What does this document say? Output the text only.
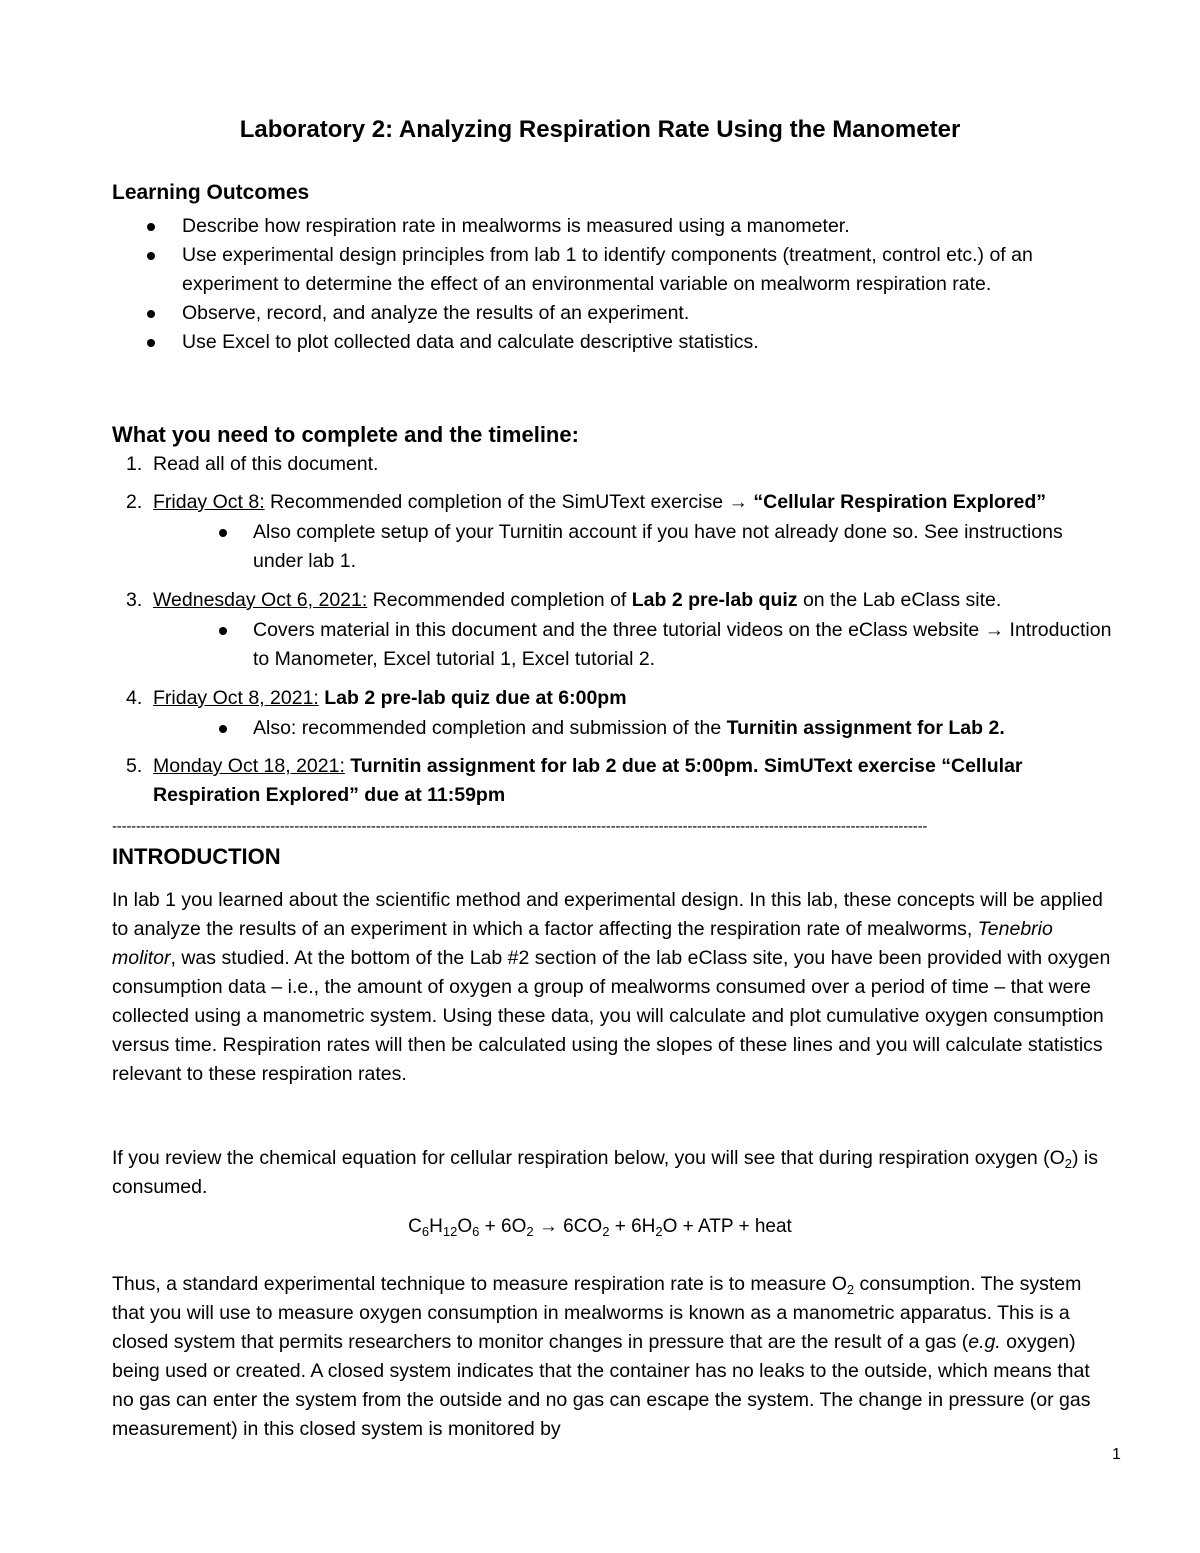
Laboratory 2: Analyzing Respiration Rate Using the Manometer
Learning Outcomes
Describe how respiration rate in mealworms is measured using a manometer.
Use experimental design principles from lab 1 to identify components (treatment, control etc.) of an experiment to determine the effect of an environmental variable on mealworm respiration rate.
Observe, record, and analyze the results of an experiment.
Use Excel to plot collected data and calculate descriptive statistics.
What you need to complete and the timeline:
1. Read all of this document.
2. Friday Oct 8: Recommended completion of the SimUText exercise → “Cellular Respiration Explored”
Also complete setup of your Turnitin account if you have not already done so. See instructions under lab 1.
3. Wednesday Oct 6, 2021: Recommended completion of Lab 2 pre-lab quiz on the Lab eClass site.
Covers material in this document and the three tutorial videos on the eClass website → Introduction to Manometer, Excel tutorial 1, Excel tutorial 2.
4. Friday Oct 8, 2021: Lab 2 pre-lab quiz due at 6:00pm
Also: recommended completion and submission of the Turnitin assignment for Lab 2.
5. Monday Oct 18, 2021: Turnitin assignment for lab 2 due at 5:00pm. SimUText exercise “Cellular Respiration Explored” due at 11:59pm
--------------------------------------------------------------------------------------------------------------------------------------------------------------------------
INTRODUCTION
In lab 1 you learned about the scientific method and experimental design. In this lab, these concepts will be applied to analyze the results of an experiment in which a factor affecting the respiration rate of mealworms, Tenebrio molitor, was studied. At the bottom of the Lab #2 section of the lab eClass site, you have been provided with oxygen consumption data – i.e., the amount of oxygen a group of mealworms consumed over a period of time – that were collected using a manometric system. Using these data, you will calculate and plot cumulative oxygen consumption versus time. Respiration rates will then be calculated using the slopes of these lines and you will calculate statistics relevant to these respiration rates.
If you review the chemical equation for cellular respiration below, you will see that during respiration oxygen $(O_2)$ is consumed.
$C_6H_{12}O_6 + 6O_2 \to 6CO_2 + 6H_2O$ + ATP + heat
Thus, a standard experimental technique to measure respiration rate is to measure $O_2$ consumption. The system that you will use to measure oxygen consumption in mealworms is known as a manometric apparatus. This is a closed system that permits researchers to monitor changes in pressure that are the result of a gas (e.g. oxygen) being used or created. A closed system indicates that the container has no leaks to the outside, which means that no gas can enter the system from the outside and no gas can escape the system. The change in pressure (or gas measurement) in this closed system is monitored by
1
